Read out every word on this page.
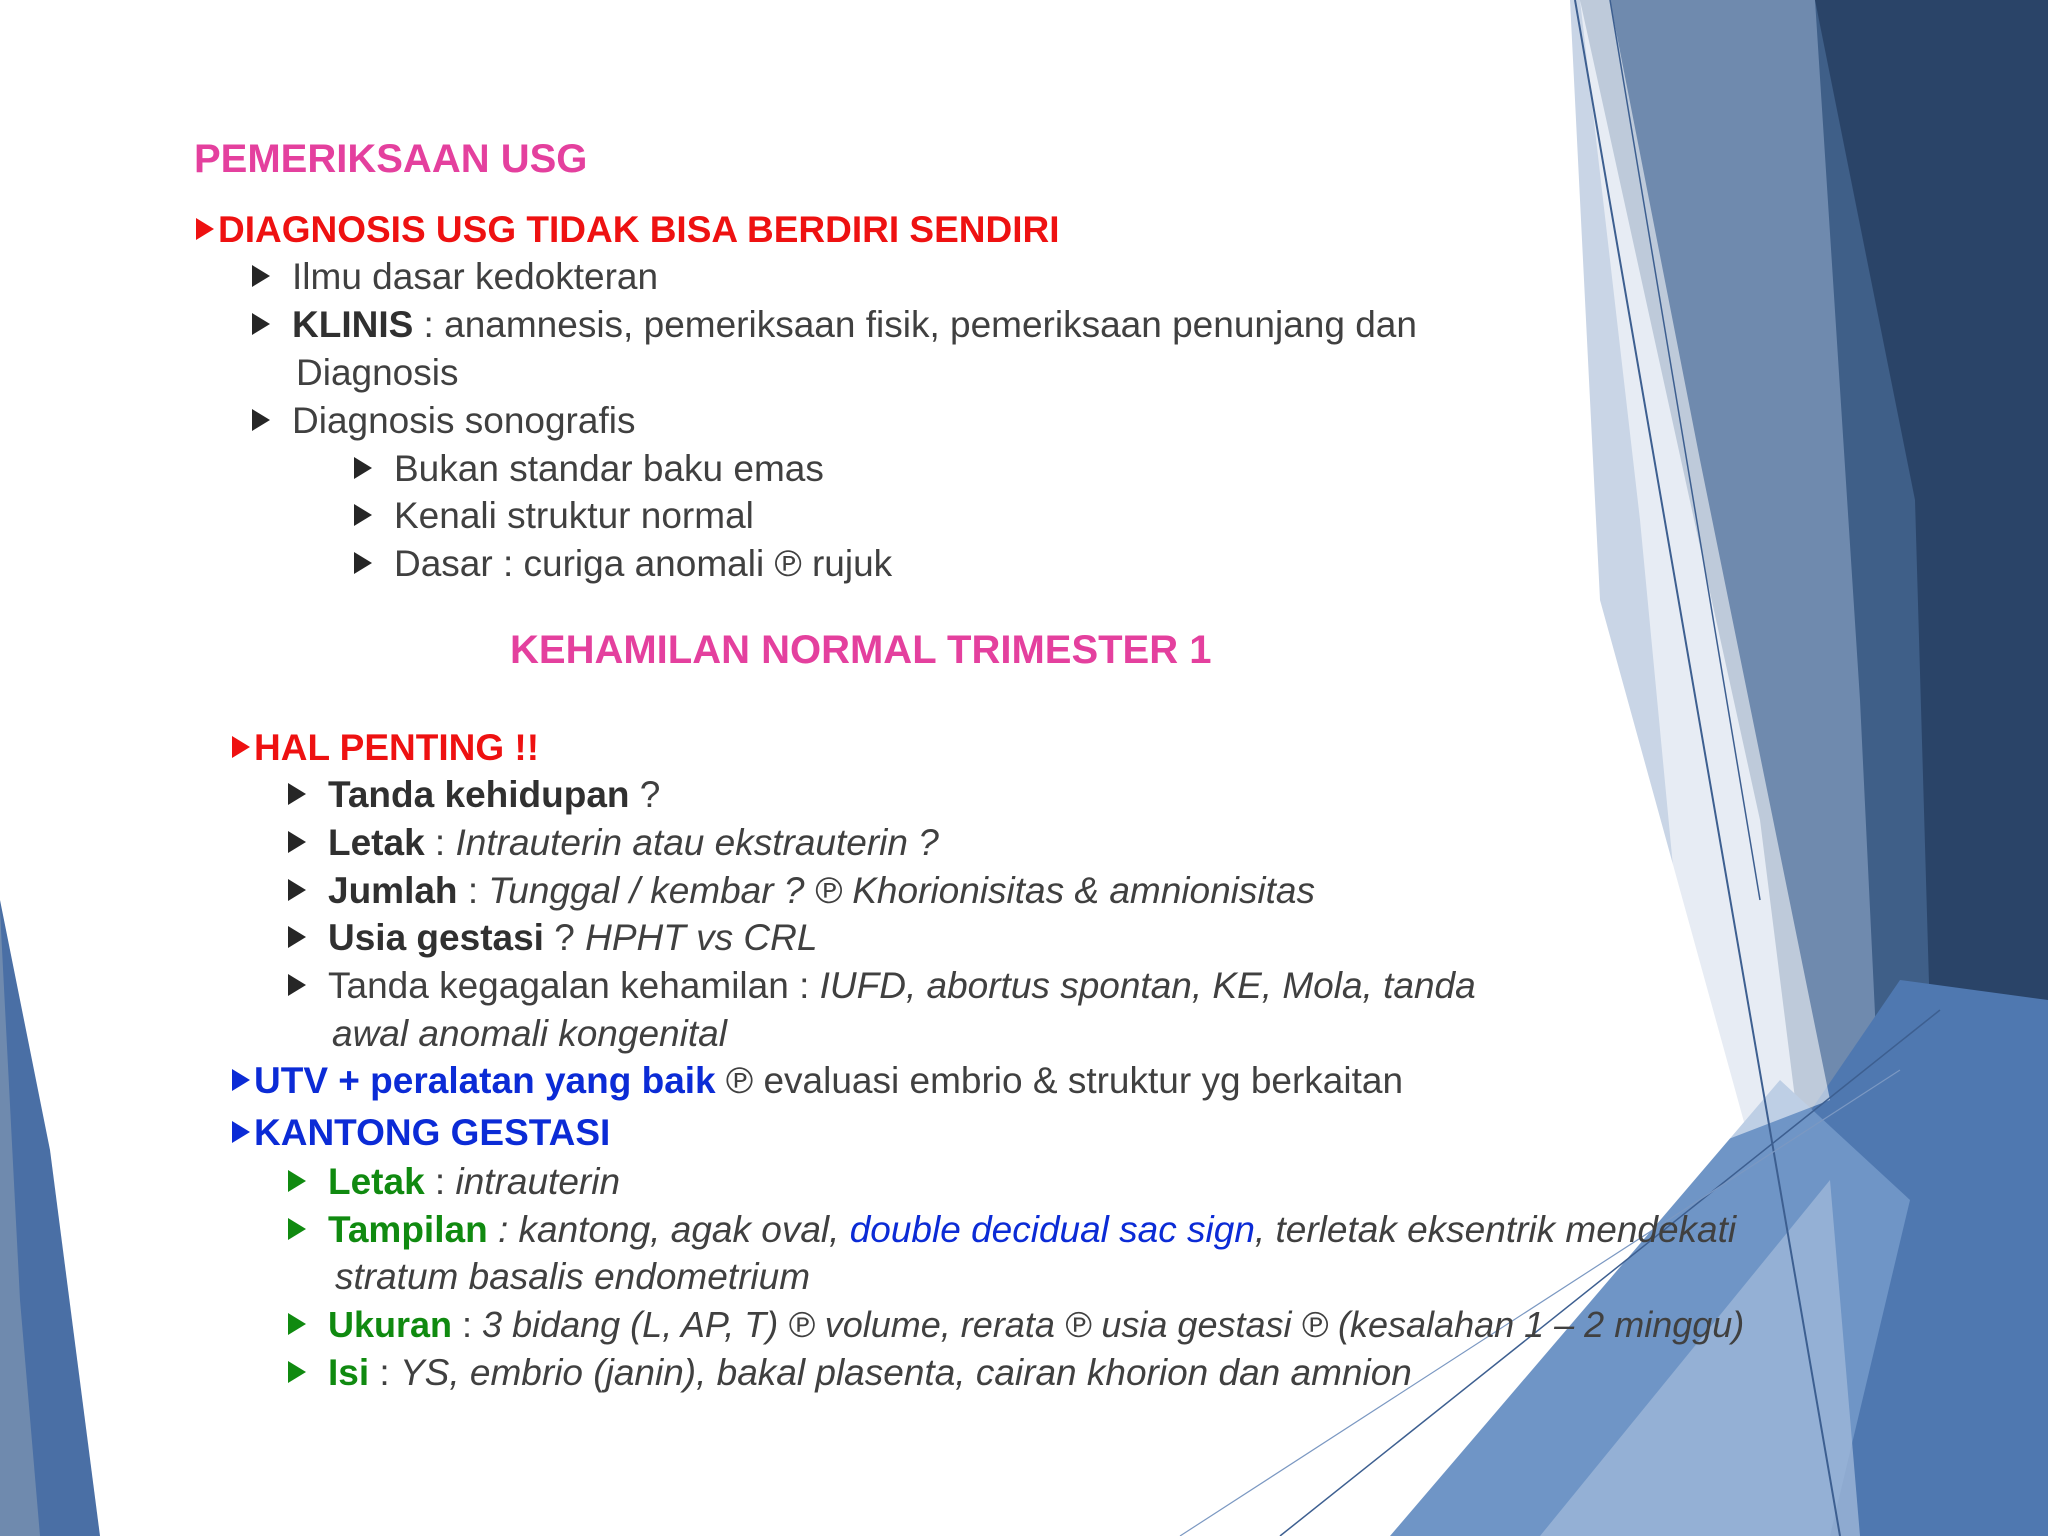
PEMERIKSAAN USG
DIAGNOSIS USG TIDAK BISA BERDIRI SENDIRI
Ilmu dasar kedokteran
KLINIS : anamnesis, pemeriksaan fisik, pemeriksaan penunjang dan
Diagnosis
Diagnosis sonografis
Bukan standar baku emas
Kenali struktur normal
Dasar : curiga anomali ℗ rujuk
KEHAMILAN NORMAL TRIMESTER 1
HAL PENTING !!
Tanda kehidupan ?
Letak : Intrauterin atau ekstrauterin ?
Jumlah : Tunggal / kembar ? ℗ Khorionisitas & amnionisitas
Usia gestasi ? HPHT vs CRL
Tanda kegagalan kehamilan : IUFD, abortus spontan, KE, Mola, tanda
awal anomali kongenital
UTV + peralatan yang baik ℗ evaluasi embrio & struktur yg berkaitan
KANTONG GESTASI
Letak : intrauterin
Tampilan : kantong, agak oval, double decidual sac sign, terletak eksentrik mendekati
stratum basalis endometrium
Ukuran : 3 bidang (L, AP, T) ℗ volume, rerata ℗ usia gestasi ℗ (kesalahan 1 – 2 minggu)
Isi : YS, embrio (janin), bakal plasenta, cairan khorion dan amnion
